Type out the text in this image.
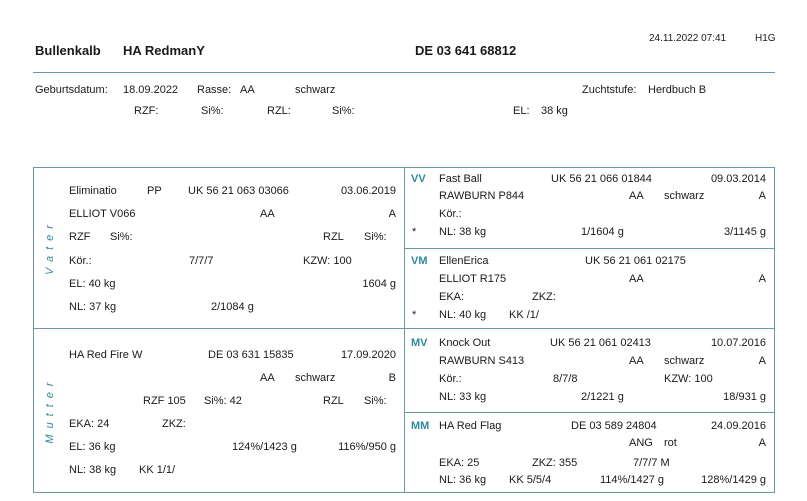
24.11.2022 07:41	H1G
Bullenkalb HA RedmanY	DE 03 641 68812
Geburtsdatum: 18.09.2022 Rasse: AA	schwarz	Zuchtstufe: Herdbuch B
RZF:	Si%:	RZL:	Si%:	EL: 38 kg
Vater
Eliminatio	PP UK 56 21 063 03066	03.06.2019
ELLIOT V066	AA	A
RZF Si%:	RZL Si%:
Kör.:	7/7/7	KZW: 100
EL: 40 kg	1604 g
NL: 37 kg	2/1084 g
VV Fast Ball	UK 56 21 066 01844	09.03.2014
RAWBURN P844	AA schwarz	A
Kör.:
* NL: 38 kg	1/1604 g	3/1145 g
VM EllenErica	UK 56 21 061 02175
ELLIOT R175	AA	A
EKA:	ZKZ:
* NL: 40 kg KK /1/
Mutter
HA Red Fire W	DE 03 631 15835	17.09.2020
AA schwarz	B
RZF 105 Si%: 42	RZL Si%:
EKA: 24	ZKZ:
EL: 36 kg	124%/1423 g	116%/950 g
NL: 38 kg KK 1/1/
MV Knock Out	UK 56 21 061 02413	10.07.2016
RAWBURN S413	AA schwarz	A
Kör.:	8/7/8	KZW: 100
NL: 33 kg	2/1221 g	18/931 g
MM HA Red Flag	DE 03 589 24804	24.09.2016
ANG rot	A
EKA: 25	ZKZ: 355	7/7/7 M
NL: 36 kg KK 5/5/4	114%/1427 g	128%/1429 g
